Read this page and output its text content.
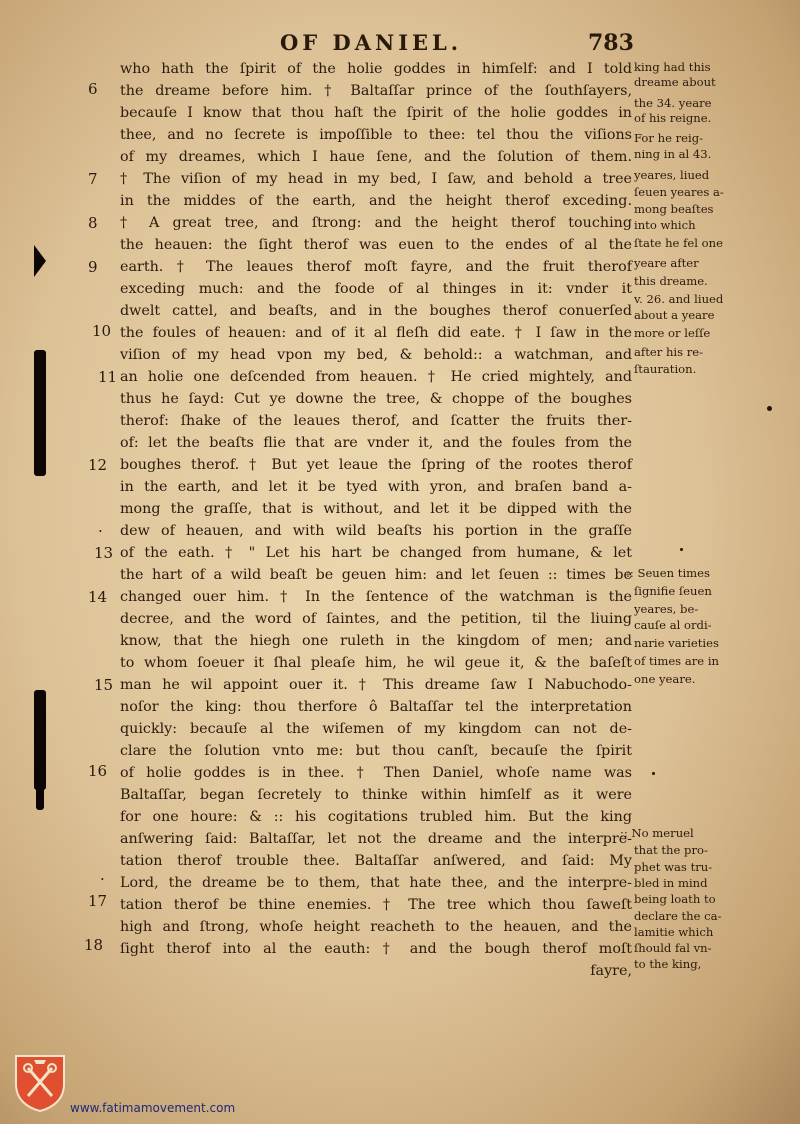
OF DANIEL.	783
6
7
8
9
10
11
12
13
14
15
16
17
18
·
·
who hath the ſpirit of the holie goddes in himſelf: and I told
the dreame before him. † Baltaſſar prince of the ſouthſayers,
becauſe I know that thou haſt the ſpirit of the holie goddes in
thee, and no ſecrete is impoſſible to thee: tel thou the viſions
of my dreames, which I haue ſene, and the ſolution of them.
† The viſion of my head in my bed, I ſaw, and behold a tree
in the middes of the earth, and the height therof exceding.
† A great tree, and ſtrong: and the height therof touching
the heauen: the ſight therof was euen to the endes of al the
earth. † The leaues therof moſt fayre, and the fruit therof
exceding much: and the foode of al thinges in it: vnder it
dwelt cattel, and beaſts, and in the boughes therof conuerſed
the foules of heauen: and of it al fleſh did eate. † I ſaw in the
viſion of my head vpon my bed, & behold:: a watchman, and
an holie one deſcended from heauen. † He cried mightely, and
thus he ſayd: Cut ye downe the tree, & choppe of the boughes
therof: ſhake of the leaues therof, and ſcatter the fruits ther-
of: let the beaſts flie that are vnder it, and the foules from the
boughes therof. † But yet leaue the ſpring of the rootes therof
in the earth, and let it be tyed with yron, and braſen band a-
mong the graſſe, that is without, and let it be dipped with the
dew of heauen, and with wild beaſts his portion in the graſſe
of the eath. † " Let his hart be changed from humane, & let
the hart of a wild beaſt be geuen him: and let ſeuen :: times be
changed ouer him. † In the ſentence of the watchman is the
decree, and the word of ſaintes, and the petition, til the liuing
know, that the hiegh one ruleth in the kingdom of men; and
to whom ſoeuer it ſhal pleaſe him, he wil geue it, & the baſeſt
man he wil appoint ouer it. † This dreame ſaw I Nabuchodo-
noſor the king: thou therfore ô Baltaſſar tel the interpretation
quickly: becauſe al the wiſemen of my kingdom can not de-
clare the ſolution vnto me: but thou canſt, becauſe the ſpirit
of holie goddes is in thee. † Then Daniel, whoſe name was
Baltaſſar, began ſecretely to thinke within himſelf as it were
for one houre: & :: his cogitations trubled him. But the king
anſwering ſaid: Baltaſſar, let not the dreame and the interpre-
tation therof trouble thee. Baltaſſar anſwered, and ſaid: My
Lord, the dreame be to them, that hate thee, and the interpre-
tation therof be thine enemies. † The tree which thou ſaweſt
high and ſtrong, whoſe height reacheth to the heauen, and the
ſight therof into al the eauth: † and the bough therof moſt
fayre,
king had this
dreame about
the 34. yeare
of his reigne.
For he reig-
ning in al 43.
yeares, liued
ſeuen yeares a-
mong beaſtes
into which
ſtate he fel one
yeare after
this dreame.
v. 26. and liued
about a yeare
more or leſſe
after his re-
ſtauration.
:: Seuen times
ſignifie ſeuen
yeares, be-
cauſe al ordi-
narie varieties
of times are in
one yeare.
:: No meruel
that the pro-
phet was tru-
bled in mind
being loath to
declare the ca-
lamitie which
ſhould fal vn-
to the king,
www.fatimamovement.com
